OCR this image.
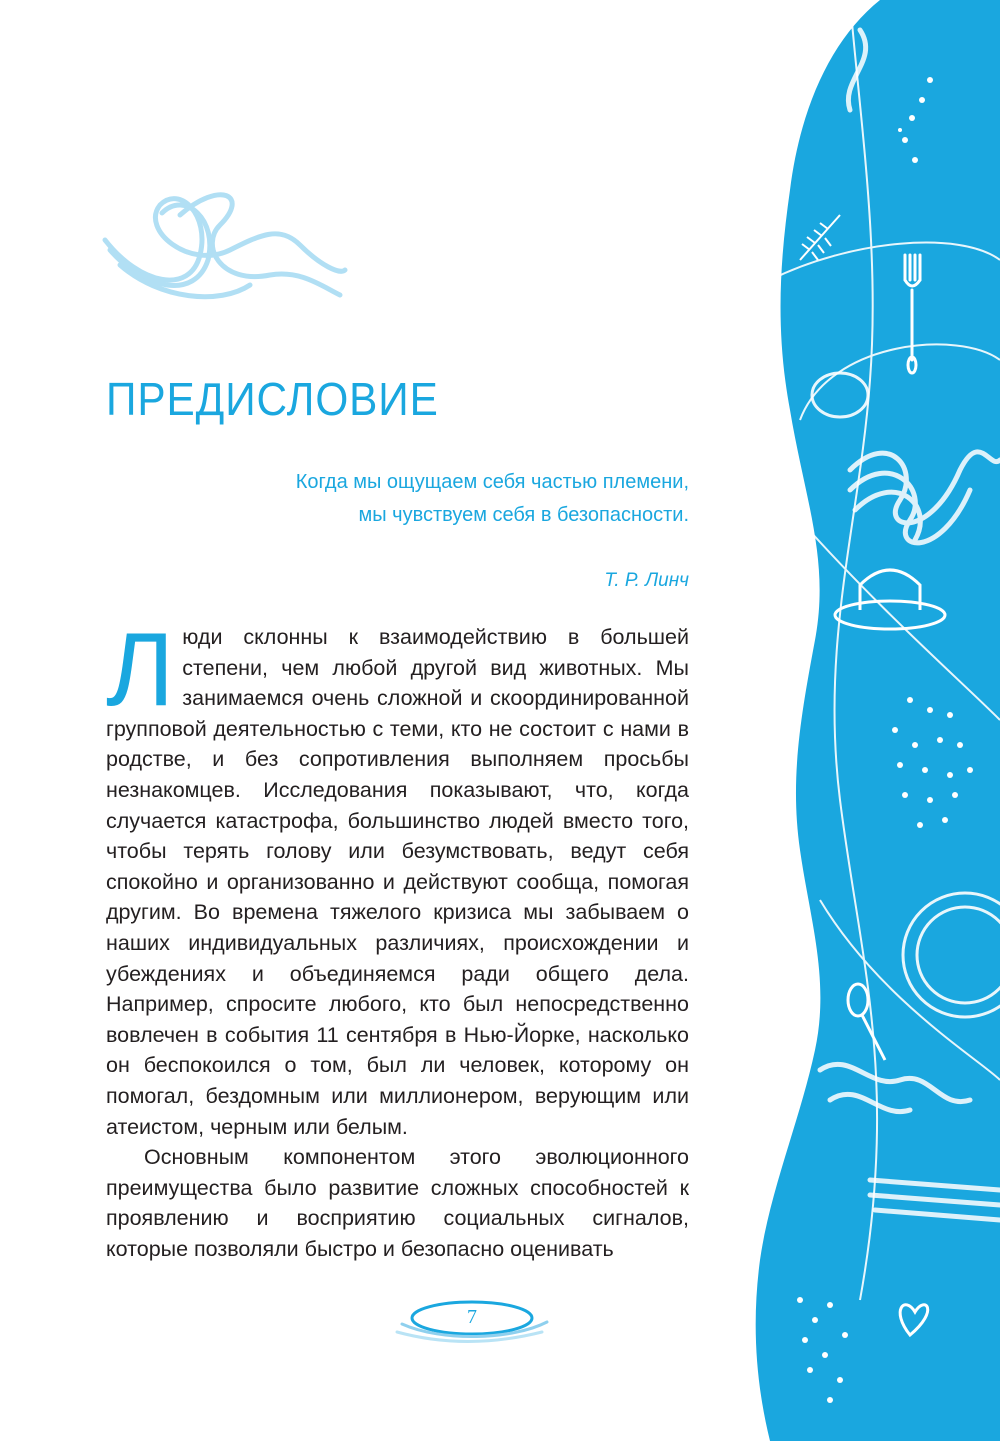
ПРЕДИСЛОВИЕ
Когда мы ощущаем себя частью племени,
мы чувствуем себя в безопасности.
Т. Р. Линч

Люди склонны к взаимодействию в большей степени, чем любой другой вид животных. Мы занимаемся очень сложной и скоординированной групповой деятельностью с теми, кто не состоит с нами в родстве, и без сопротивления выполняем просьбы незнакомцев. Исследования показывают, что, когда случается катастрофа, большинство людей вместо того, чтобы терять голову или безумствовать, ведут себя спокойно и организованно и действуют сообща, помогая другим. Во времена тяжелого кризиса мы забываем о наших индивидуальных различиях, происхождении и убеждениях и объединяемся ради общего дела. Например, спросите любого, кто был непосредственно вовлечен в события 11 сентября в Нью-Йорке, насколько он беспокоился о том, был ли человек, которому он помогал, бездомным или миллионером, верующим или атеистом, черным или белым.

Основным компонентом этого эволюционного преимущества было развитие сложных способностей к проявлению и восприятию социальных сигналов, которые позволяли быстро и безопасно оценивать

7
